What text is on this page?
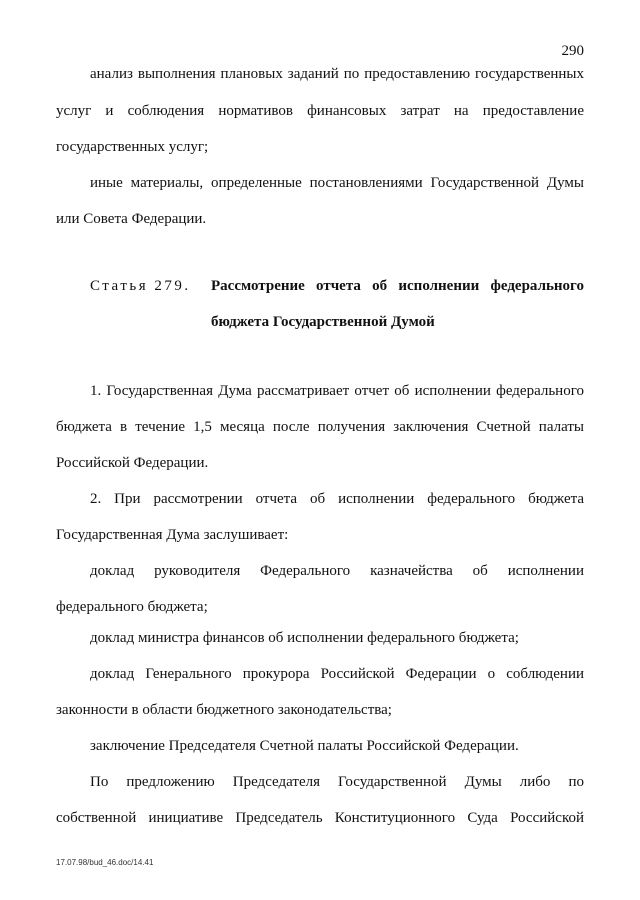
290
анализ выполнения плановых заданий по предоставлению государственных
услуг и соблюдения нормативов финансовых затрат на предоставление
государственных услуг;
иные материалы, определенные постановлениями Государственной Думы
или Совета Федерации.
Статья 279. Рассмотрение отчета об исполнении федерального
бюджета Государственной Думой
1. Государственная Дума рассматривает отчет об исполнении федерального
бюджета в течение 1,5 месяца после получения заключения Счетной палаты
Российской Федерации.
2. При рассмотрении отчета об исполнении федерального бюджета
Государственная Дума заслушивает:
доклад руководителя Федерального казначейства об исполнении
федерального бюджета;
доклад министра финансов об исполнении федерального бюджета;
доклад Генерального прокурора Российской Федерации о соблюдении
законности в области бюджетного законодательства;
заключение Председателя Счетной палаты Российской Федерации.
По предложению Председателя Государственной Думы либо по
собственной инициативе Председатель Конституционного Суда Российской
17.07.98/bud_46.doc/14.41
